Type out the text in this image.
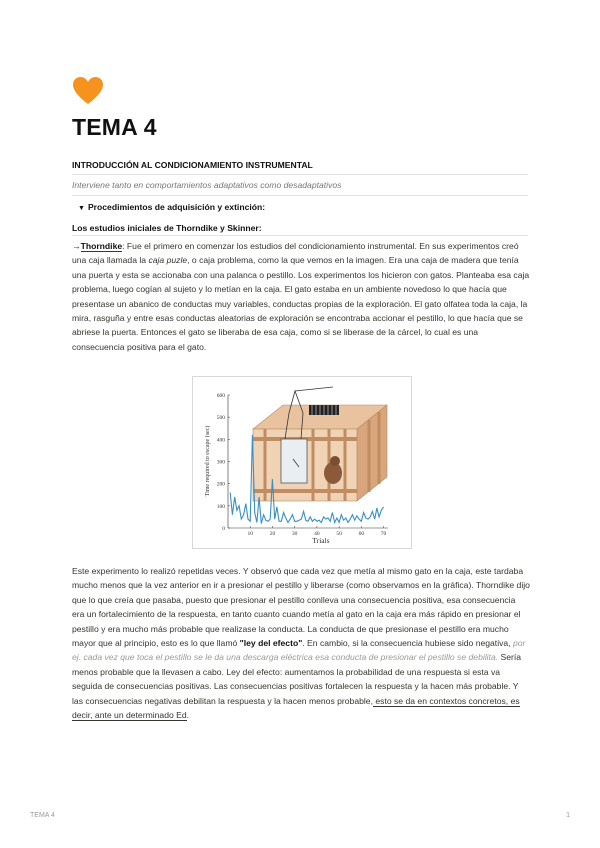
TEMA 4
INTRODUCCIÓN AL CONDICIONAMIENTO INSTRUMENTAL
Interviene tanto en comportamientos adaptativos como desadaptativos
▼ Procedimientos de adquisición y extinción:
Los estudios iniciales de Thorndike y Skinner:
→Thorndike: Fue el primero en comenzar los estudios del condicionamiento instrumental. En sus experimentos creó una caja llamada la caja puzle, o caja problema, como la que vemos en la imagen. Era una caja de madera que tenía una puerta y esta se accionaba con una palanca o pestillo. Los experimentos los hicieron con gatos. Planteaba esa caja problema, luego cogían al sujeto y lo metían en la caja. El gato estaba en un ambiente novedoso lo que hacía que presentase un abanico de conductas muy variables, conductas propias de la exploración. El gato olfatea toda la caja, la mira, rasguña y entre esas conductas aleatorias de exploración se encontraba accionar el pestillo, lo que hacía que se abriese la puerta. Entonces el gato se liberaba de esa caja, como si se liberase de la cárcel, lo cual es una consecuencia positiva para el gato.
600
500
400
300
200
100
0
10	20	30	40	50	60	70
Time required to escape (sec)
Trials
Este experimento lo realizó repetidas veces. Y observó que cada vez que metía al mismo gato en la caja, este tardaba mucho menos que la vez anterior en ir a presionar el pestillo y liberarse (como observamos en la gráfica). Thorndike dijo que lo que creía que pasaba, puesto que presionar el pestillo conlleva una consecuencia positiva, esa consecuencia era un fortalecimiento de la respuesta, en tanto cuanto cuando metía al gato en la caja era más rápido en presionar el pestillo y era mucho más probable que realizase la conducta. La conducta de que presionase el pestillo era mucho mayor que al principio, esto es lo que llamó "ley del efecto". En cambio, si la consecuencia hubiese sido negativa, por ej. cada vez que toca el pestillo se le da una descarga eléctrica esa conducta de presionar el pestillo se debilita. Sería menos probable que la llevasen a cabo. Ley del efecto: aumentamos la probabilidad de una respuesta si esta va seguida de consecuencias positivas. Las consecuencias positivas fortalecen la respuesta y la hacen más probable. Y las consecuencias negativas debilitan la respuesta y la hacen menos probable, esto se da en contextos concretos, es decir, ante un determinado Ed.
TEMA 4	1
